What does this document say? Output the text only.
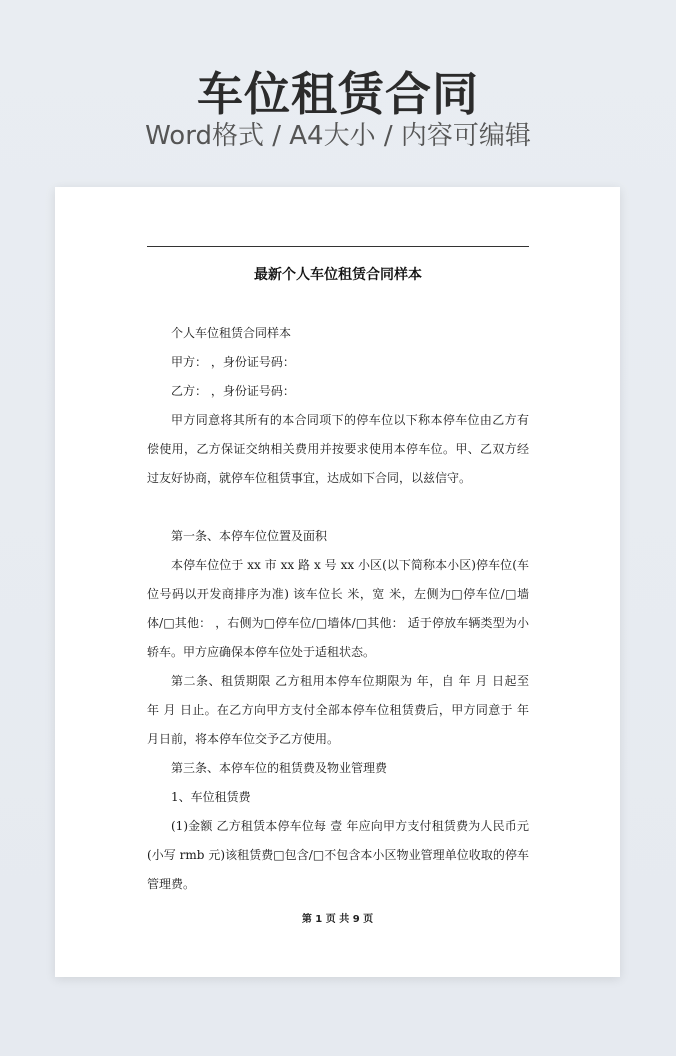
车位租赁合同
Word格式 / A4大小 / 内容可编辑
最新个人车位租赁合同样本

个人车位租赁合同样本

甲方： ，身份证号码：

乙方： ，身份证号码：

甲方同意将其所有的本合同项下的停车位以下称本停车位由乙方有偿使用，乙方保证交纳相关费用并按要求使用本停车位。甲、乙双方经过友好协商，就停车位租赁事宜，达成如下合同，以兹信守。

第一条、本停车位位置及面积

本停车位位于 xx 市 xx 路 x 号 xx 小区(以下简称本小区)停车位(车位号码以开发商排序为准) 该车位长 米，宽 米，左侧为□停车位/□墙体/□其他： ，右侧为□停车位/□墙体/□其他： 适于停放车辆类型为小轿车。甲方应确保本停车位处于适租状态。

第二条、租赁期限 乙方租用本停车位期限为 年，自 年 月 日起至 年 月 日止。在乙方向甲方支付全部本停车位租赁费后，甲方同意于 年 月日前，将本停车位交予乙方使用。

第三条、本停车位的租赁费及物业管理费

1、车位租赁费

(1)金额 乙方租赁本停车位每 壹 年应向甲方支付租赁费为人民币元(小写 rmb 元)该租赁费□包含/□不包含本小区物业管理单位收取的停车管理费。

第 1 页 共 9 页
